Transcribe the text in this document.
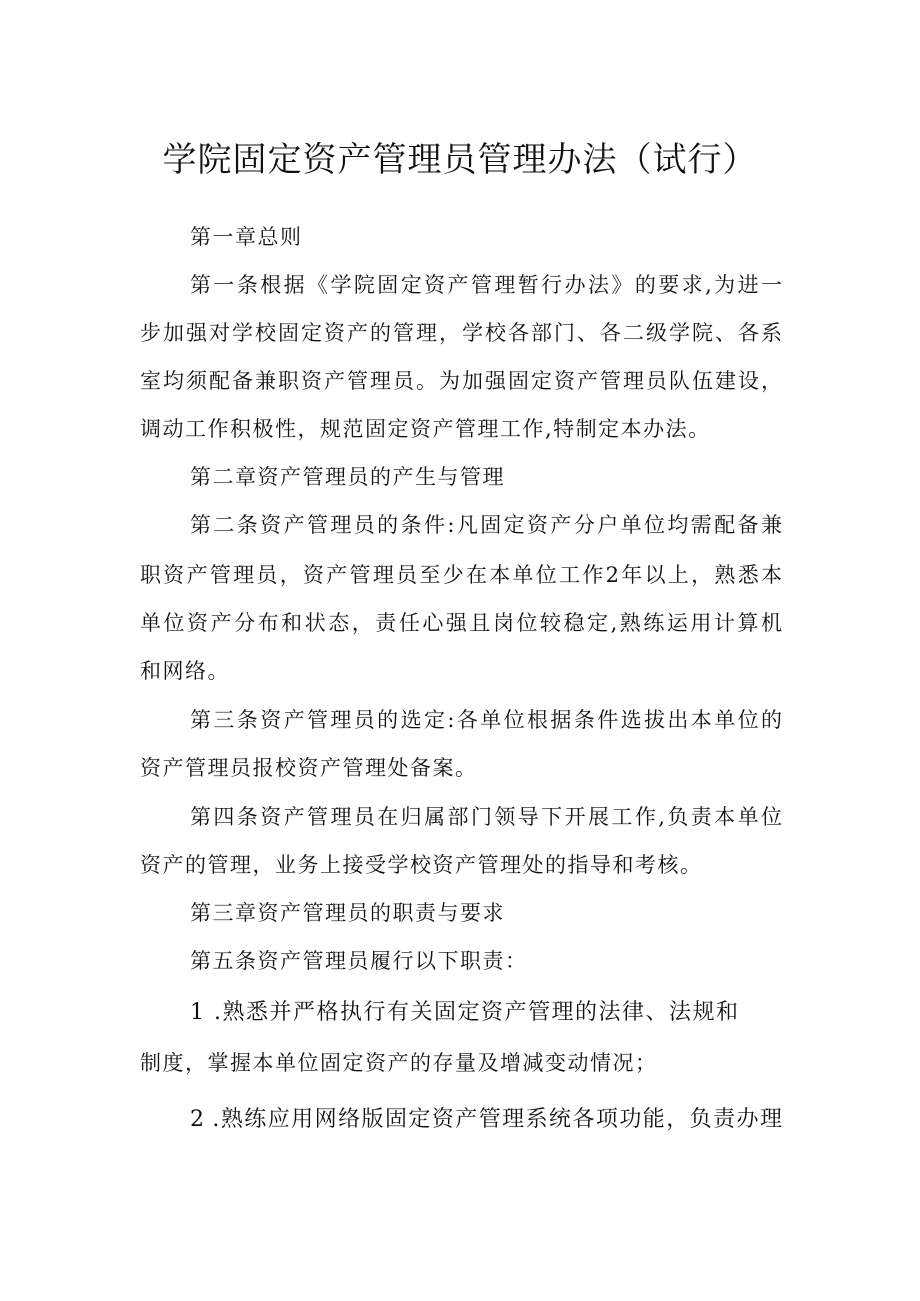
学院固定资产管理员管理办法（试行）

第一章总则

第一条根据《学院固定资产管理暂行办法》的要求,为进一

步加强对学校固定资产的管理，学校各部门、各二级学院、各系

室均须配备兼职资产管理员。为加强固定资产管理员队伍建设，

调动工作积极性，规范固定资产管理工作,特制定本办法。

第二章资产管理员的产生与管理

第二条资产管理员的条件:凡固定资产分户单位均需配备兼

职资产管理员，资产管理员至少在本单位工作2年以上，熟悉本

单位资产分布和状态，责任心强且岗位较稳定,熟练运用计算机

和网络。

第三条资产管理员的选定:各单位根据条件选拔出本单位的

资产管理员报校资产管理处备案。

第四条资产管理员在归属部门领导下开展工作,负责本单位

资产的管理，业务上接受学校资产管理处的指导和考核。

第三章资产管理员的职责与要求

第五条资产管理员履行以下职责：

1 .熟悉并严格执行有关固定资产管理的法律、法规和

制度，掌握本单位固定资产的存量及增减变动情况；

2 .熟练应用网络版固定资产管理系统各项功能，负责办理
